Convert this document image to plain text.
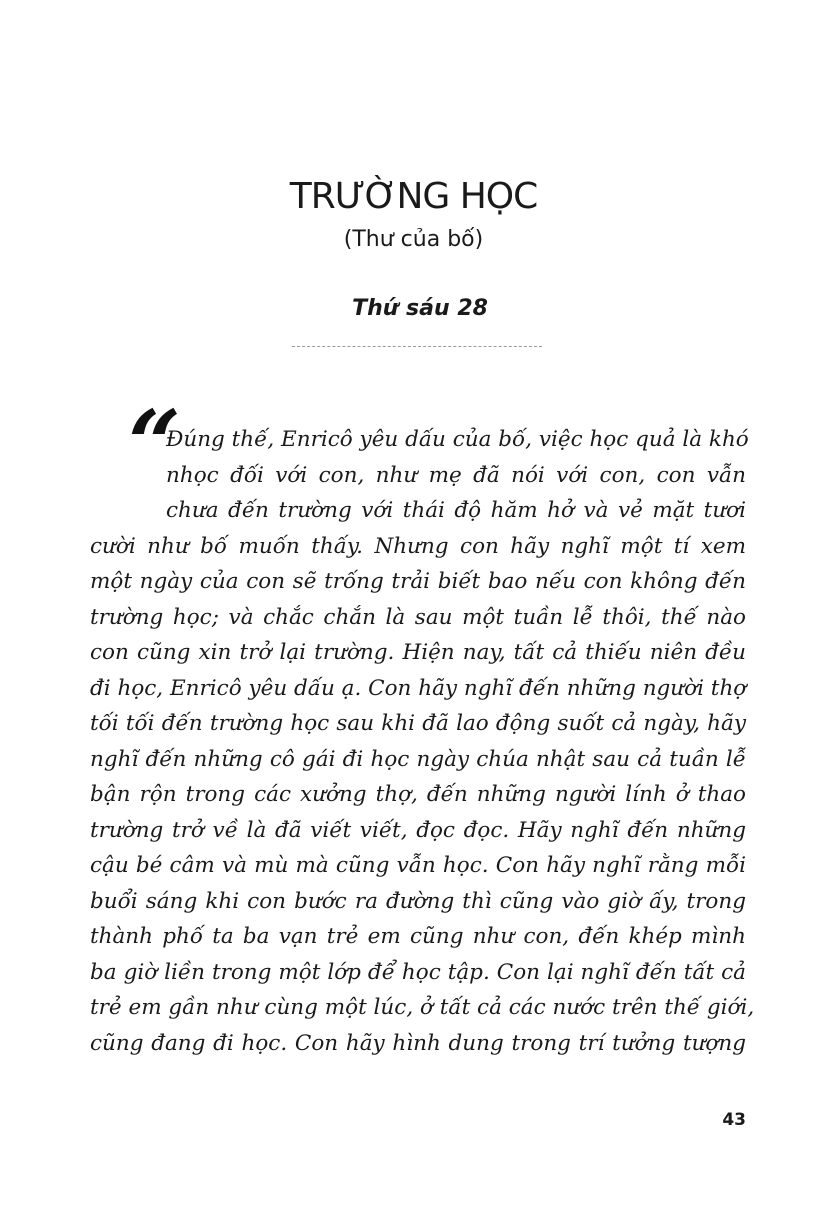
TRƯỜNG HỌC
(Thư của bố)
Thứ sáu 28
“
Đúng thế, Enricô yêu dấu của bố, việc học quả là khó
nhọc đối với con, như mẹ đã nói với con, con vẫn
chưa đến trường với thái độ hăm hở và vẻ mặt tươi
cười như bố muốn thấy. Nhưng con hãy nghĩ một tí xem
một ngày của con sẽ trống trải biết bao nếu con không đến
trường học; và chắc chắn là sau một tuần lễ thôi, thế nào
con cũng xin trở lại trường. Hiện nay, tất cả thiếu niên đều
đi học, Enricô yêu dấu ạ. Con hãy nghĩ đến những người thợ
tối tối đến trường học sau khi đã lao động suốt cả ngày, hãy
nghĩ đến những cô gái đi học ngày chúa nhật sau cả tuần lễ
bận rộn trong các xưởng thợ, đến những người lính ở thao
trường trở về là đã viết viết, đọc đọc. Hãy nghĩ đến những
cậu bé câm và mù mà cũng vẫn học. Con hãy nghĩ rằng mỗi
buổi sáng khi con bước ra đường thì cũng vào giờ ấy, trong
thành phố ta ba vạn trẻ em cũng như con, đến khép mình
ba giờ liền trong một lớp để học tập. Con lại nghĩ đến tất cả
trẻ em gần như cùng một lúc, ở tất cả các nước trên thế giới,
cũng đang đi học. Con hãy hình dung trong trí tưởng tượng
43
